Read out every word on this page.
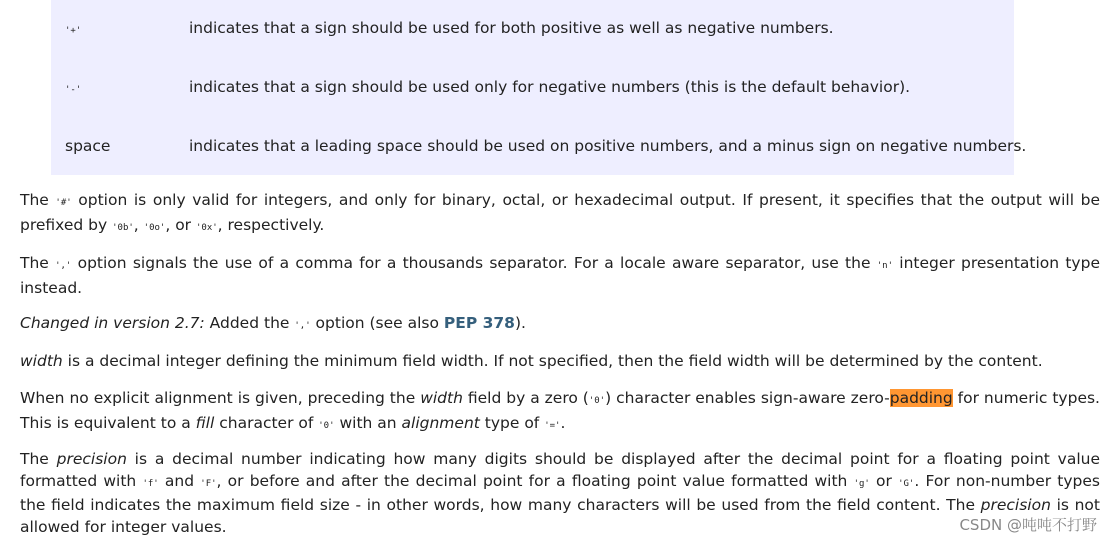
'+'	indicates that a sign should be used for both positive as well as negative numbers.
'-'	indicates that a sign should be used only for negative numbers (this is the default behavior).
space	indicates that a leading space should be used on positive numbers, and a minus sign on negative numbers.
The '#' option is only valid for integers, and only for binary, octal, or hexadecimal output. If present, it specifies that the output will be
prefixed by '0b', '0o', or '0x', respectively.
The ',' option signals the use of a comma for a thousands separator. For a locale aware separator, use the 'n' integer presentation type
instead.
Changed in version 2.7: Added the ',' option (see also PEP 378).
width is a decimal integer defining the minimum field width. If not specified, then the field width will be determined by the content.
When no explicit alignment is given, preceding the width field by a zero ('0') character enables sign-aware zero-padding for numeric types.
This is equivalent to a fill character of '0' with an alignment type of '='.
The precision is a decimal number indicating how many digits should be displayed after the decimal point for a floating point value
formatted with 'f' and 'F', or before and after the decimal point for a floating point value formatted with 'g' or 'G'. For non-number types
the field indicates the maximum field size - in other words, how many characters will be used from the field content. The precision is not
allowed for integer values.	CSDN @吨吨不打野
